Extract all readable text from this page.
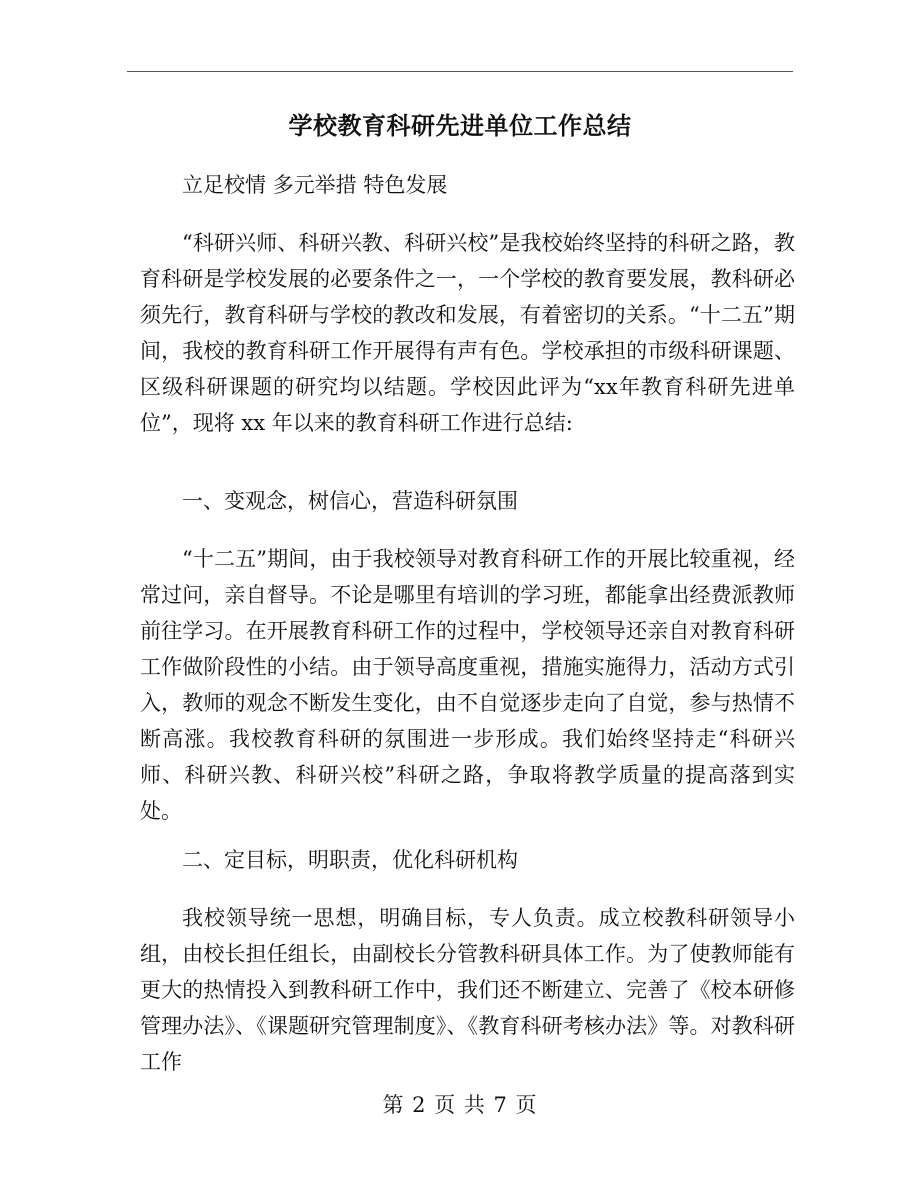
学校教育科研先进单位工作总结
立足校情 多元举措 特色发展
“科研兴师、科研兴教、科研兴校”是我校始终坚持的科研之路，教育科研是学校发展的必要条件之一，一个学校的教育要发展，教科研必须先行，教育科研与学校的教改和发展，有着密切的关系。“十二五”期间，我校的教育科研工作开展得有声有色。学校承担的市级科研课题、区级科研课题的研究均以结题。学校因此评为“xx年教育科研先进单位”，现将 xx 年以来的教育科研工作进行总结:
一、变观念，树信心，营造科研氛围
“十二五”期间，由于我校领导对教育科研工作的开展比较重视，经常过问，亲自督导。不论是哪里有培训的学习班，都能拿出经费派教师前往学习。在开展教育科研工作的过程中，学校领导还亲自对教育科研工作做阶段性的小结。由于领导高度重视，措施实施得力，活动方式引入，教师的观念不断发生变化，由不自觉逐步走向了自觉，参与热情不断高涨。我校教育科研的氛围进一步形成。我们始终坚持走“科研兴师、科研兴教、科研兴校”科研之路，争取将教学质量的提高落到实处。
二、定目标，明职责，优化科研机构
我校领导统一思想，明确目标，专人负责。成立校教科研领导小组，由校长担任组长，由副校长分管教科研具体工作。为了使教师能有更大的热情投入到教科研工作中，我们还不断建立、完善了《校本研修管理办法》、《课题研究管理制度》、《教育科研考核办法》等。对教科研工作
第 2 页 共 7 页
